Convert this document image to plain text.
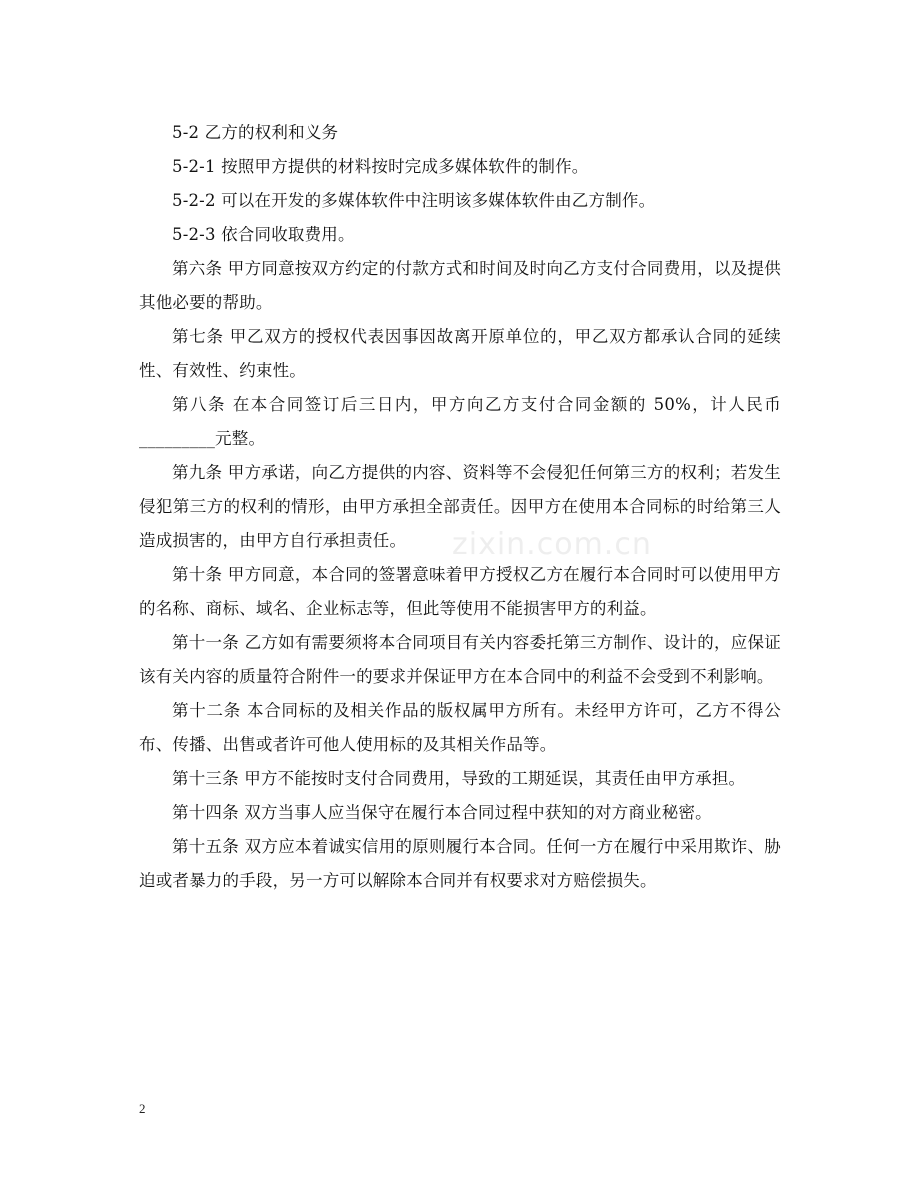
5-2 乙方的权利和义务

5-2-1 按照甲方提供的材料按时完成多媒体软件的制作。

5-2-2 可以在开发的多媒体软件中注明该多媒体软件由乙方制作。

5-2-3 依合同收取费用。

第六条 甲方同意按双方约定的付款方式和时间及时向乙方支付合同费用，以及提供其他必要的帮助。

第七条 甲乙双方的授权代表因事因故离开原单位的，甲乙双方都承认合同的延续性、有效性、约束性。

第八条 在本合同签订后三日内，甲方向乙方支付合同金额的 50%，计人民币_________元整。

第九条 甲方承诺，向乙方提供的内容、资料等不会侵犯任何第三方的权利；若发生侵犯第三方的权利的情形，由甲方承担全部责任。因甲方在使用本合同标的时给第三人造成损害的，由甲方自行承担责任。

第十条 甲方同意，本合同的签署意味着甲方授权乙方在履行本合同时可以使用甲方的名称、商标、域名、企业标志等，但此等使用不能损害甲方的利益。

第十一条 乙方如有需要须将本合同项目有关内容委托第三方制作、设计的，应保证该有关内容的质量符合附件一的要求并保证甲方在本合同中的利益不会受到不利影响。

第十二条 本合同标的及相关作品的版权属甲方所有。未经甲方许可，乙方不得公布、传播、出售或者许可他人使用标的及其相关作品等。

第十三条 甲方不能按时支付合同费用，导致的工期延误，其责任由甲方承担。

第十四条 双方当事人应当保守在履行本合同过程中获知的对方商业秘密。

第十五条 双方应本着诚实信用的原则履行本合同。任何一方在履行中采用欺诈、胁迫或者暴力的手段，另一方可以解除本合同并有权要求对方赔偿损失。

zixin.com.cn
2
